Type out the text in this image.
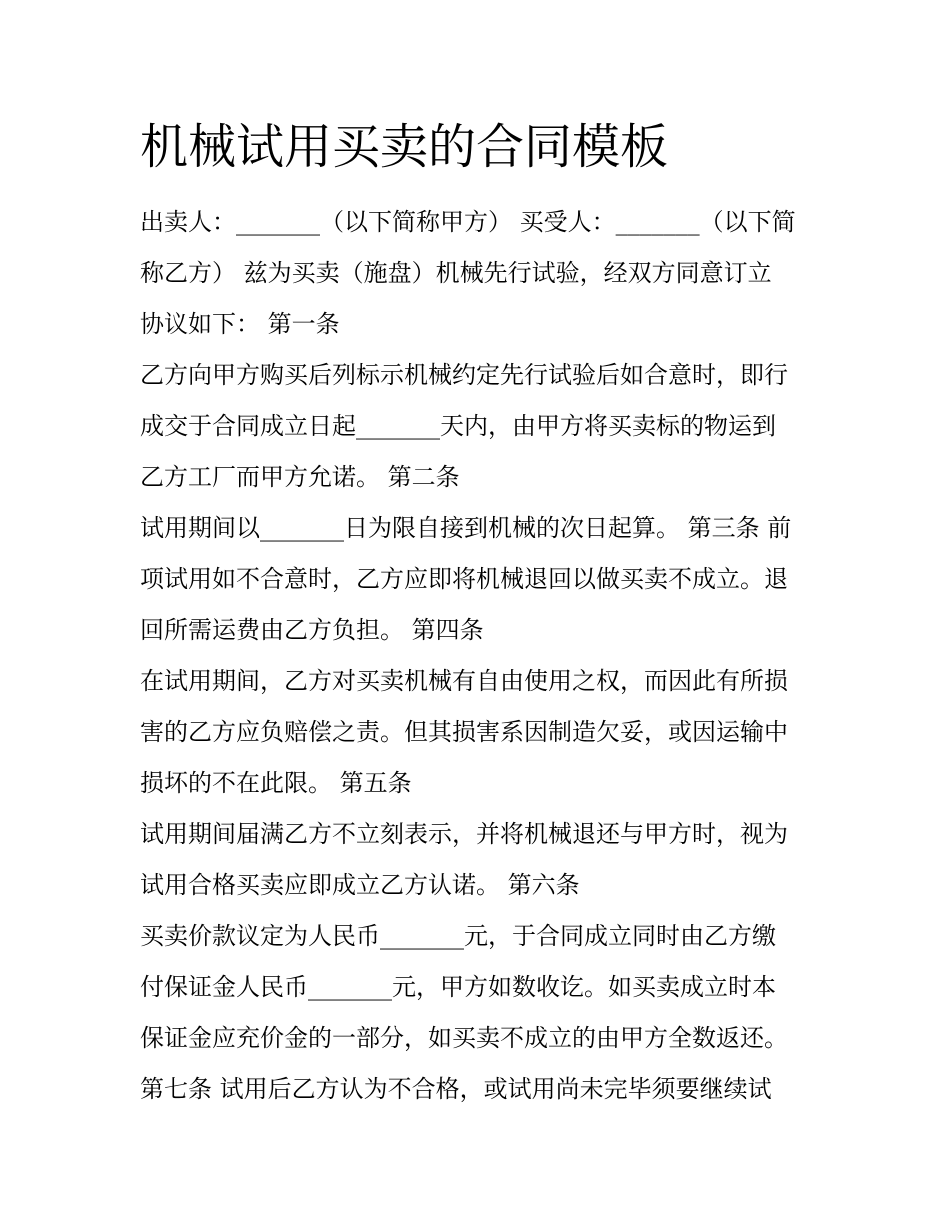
机械试用买卖的合同模板
出卖人：_______（以下简称甲方） 买受人：_______（以下简
称乙方） 兹为买卖（施盘）机械先行试验，经双方同意订立
协议如下： 第一条
乙方向甲方购买后列标示机械约定先行试验后如合意时，即行
成交于合同成立日起_______天内，由甲方将买卖标的物运到
乙方工厂而甲方允诺。 第二条
试用期间以_______日为限自接到机械的次日起算。 第三条 前
项试用如不合意时，乙方应即将机械退回以做买卖不成立。退
回所需运费由乙方负担。 第四条
在试用期间，乙方对买卖机械有自由使用之权，而因此有所损
害的乙方应负赔偿之责。但其损害系因制造欠妥，或因运输中
损坏的不在此限。 第五条
试用期间届满乙方不立刻表示，并将机械退还与甲方时，视为
试用合格买卖应即成立乙方认诺。 第六条
买卖价款议定为人民币_______元，于合同成立同时由乙方缴
付保证金人民币_______元，甲方如数收讫。如买卖成立时本
保证金应充价金的一部分，如买卖不成立的由甲方全数返还。
第七条 试用后乙方认为不合格，或试用尚未完毕须要继续试
